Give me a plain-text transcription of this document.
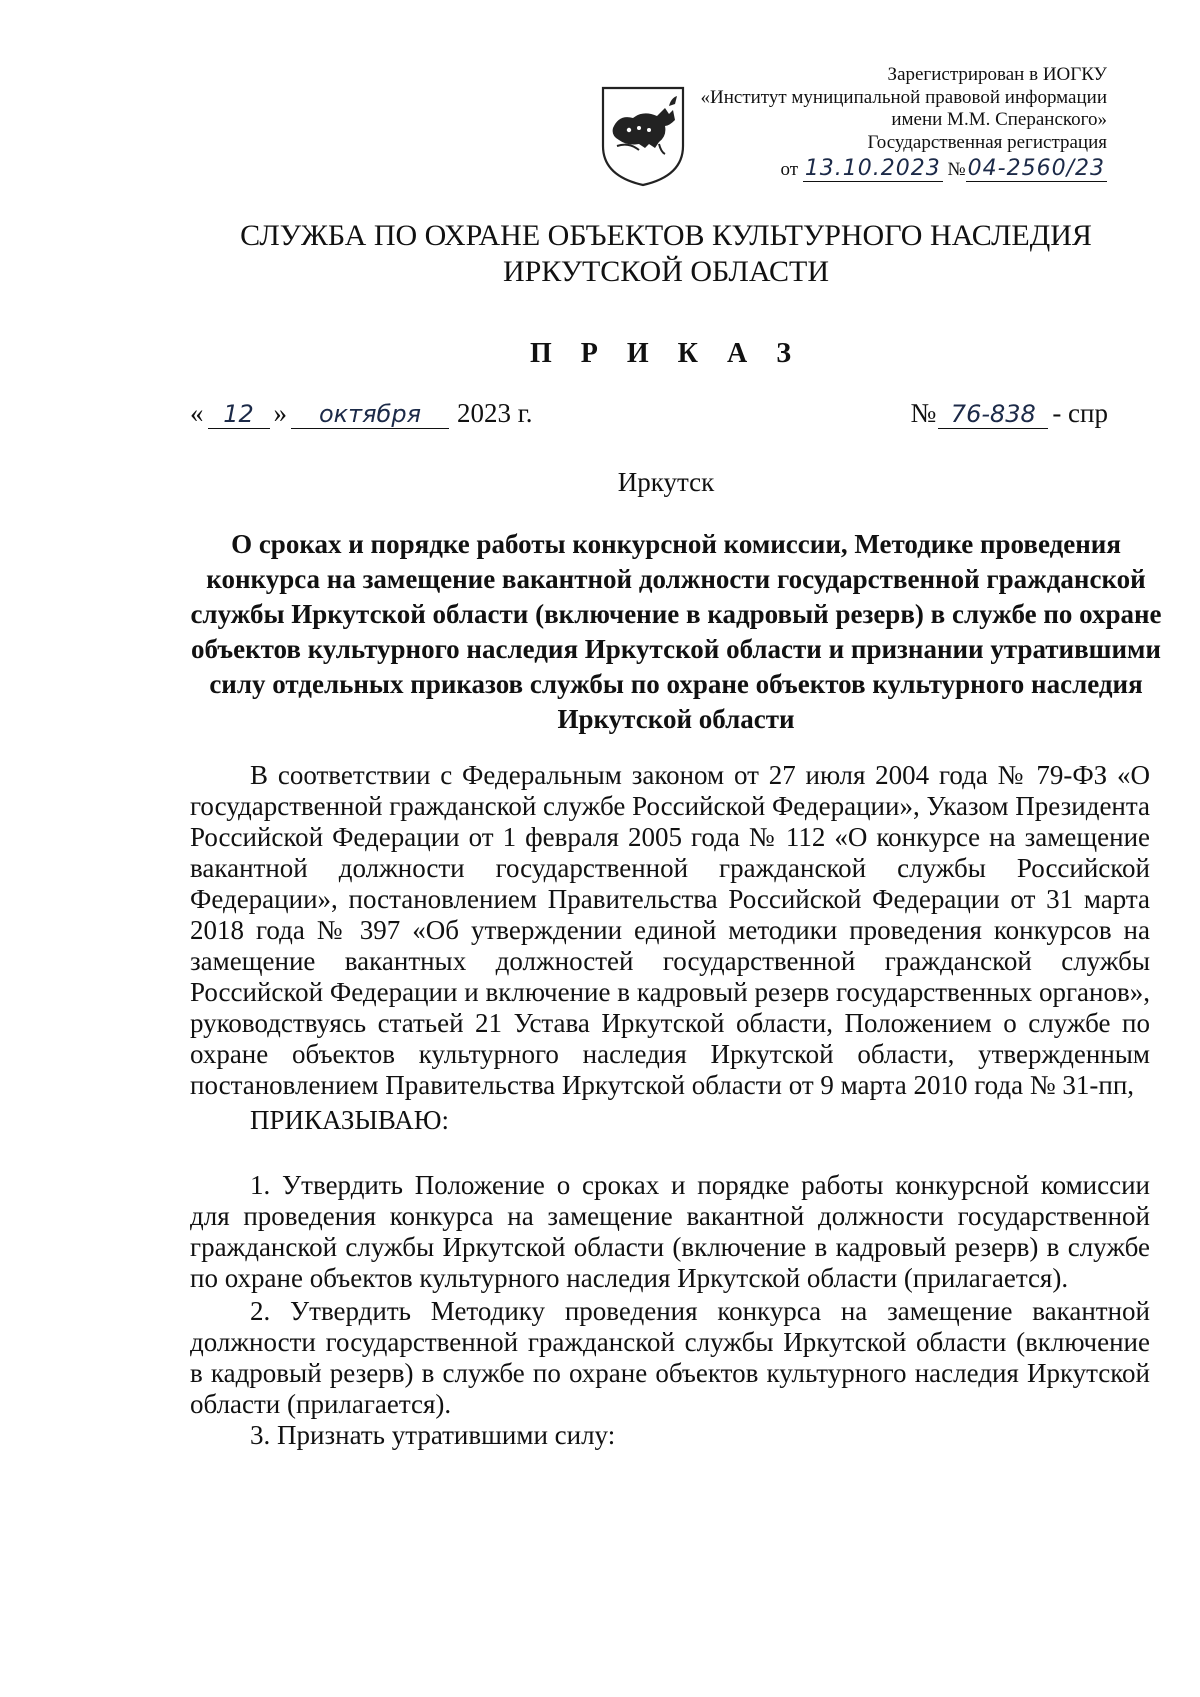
Зарегистрирован в ИОГКУ
«Институт муниципальной правовой информации
имени М.М. Сперанского»
Государственная регистрация
от 13.10.2023 №04-2560/23
СЛУЖБА ПО ОХРАНЕ ОБЪЕКТОВ КУЛЬТУРНОГО НАСЛЕДИЯ
ИРКУТСКОЙ ОБЛАСТИ
П Р И К А З
« 12 »	октября	2023 г.	№ 76-838 - спр
Иркутск
О сроках и порядке работы конкурсной комиссии, Методике проведения конкурса на замещение вакантной должности государственной гражданской службы Иркутской области (включение в кадровый резерв) в службе по охране объектов культурного наследия Иркутской области и признании утратившими силу отдельных приказов службы по охране объектов культурного наследия Иркутской области

В соответствии с Федеральным законом от 27 июля 2004 года № 79-ФЗ «О государственной гражданской службе Российской Федерации», Указом Президента Российской Федерации от 1 февраля 2005 года № 112 «О конкурсе на замещение вакантной должности государственной гражданской службы Российской Федерации», постановлением Правительства Российской Федерации от 31 марта 2018 года № 397 «Об утверждении единой методики проведения конкурсов на замещение вакантных должностей государственной гражданской службы Российской Федерации и включение в кадровый резерв государственных органов», руководствуясь статьей 21 Устава Иркутской области, Положением о службе по охране объектов культурного наследия Иркутской области, утвержденным постановлением Правительства Иркутской области от 9 марта 2010 года № 31-пп,

ПРИКАЗЫВАЮ:

1. Утвердить Положение о сроках и порядке работы конкурсной комиссии для проведения конкурса на замещение вакантной должности государственной гражданской службы Иркутской области (включение в кадровый резерв) в службе по охране объектов культурного наследия Иркутской области (прилагается).

2. Утвердить Методику проведения конкурса на замещение вакантной должности государственной гражданской службы Иркутской области (включение в кадровый резерв) в службе по охране объектов культурного наследия Иркутской области (прилагается).

3. Признать утратившими силу:
